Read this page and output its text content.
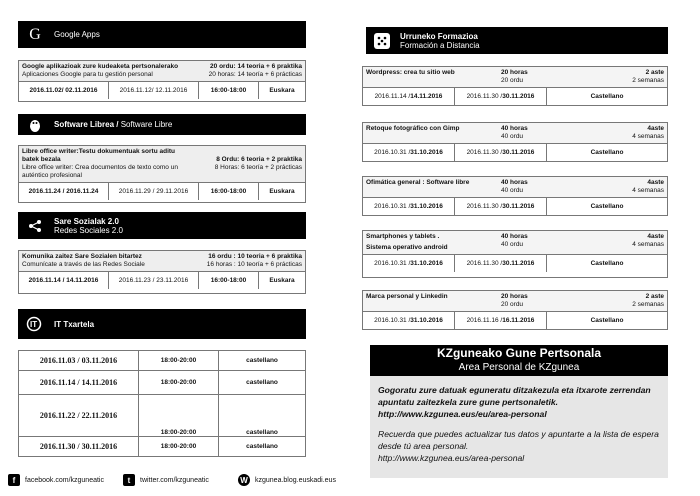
G Google Apps
Google aplikazioak zure kudeaketa pertsonalerako
Aplicaciones Google para tu gestión personal
20 ordu: 14 teoria + 6 praktika
20 horas: 14 teoría + 6 prácticas
2016.11.02/ 02.11.2016	2016.11.12/ 12.11.2016	16:00-18:00	Euskara
Software Librea / Software Libre
Libre office writer:Testu dokumentuak sortu aditu batek bezala
Libre office writer: Crea documentos de texto como un auténtico profesional
8 Ordu: 6 teoria + 2 praktika
8 Horas: 6 teoría + 2 prácticas
2016.11.24 / 2016.11.24	2016.11.29 / 29.11.2016	16:00-18:00	Euskara
Sare Sozialak 2.0
Redes Sociales 2.0
Komunika zaitez Sare Sozialen bitartez
Comunícate a través de las Redes Sociale
16 ordu : 10 teoria + 6 praktika
16 horas : 10 teoría + 6 prácticas
2016.11.14 / 14.11.2016	2016.11.23 / 23.11.2016	16:00-18:00	Euskara
IT IT Txartela
2016.11.03 / 03.11.2016	18:00-20:00	castellano
2016.11.14 / 14.11.2016	18:00-20:00	castellano
2016.11.22 / 22.11.2016	18:00-20:00	castellano
2016.11.30 / 30.11.2016	18:00-20:00	castellano
Urruneko Formazioa
Formación a Distancia
Wordpress: crea tu sitio web	20 horas
20 ordu
2 aste
2 semanas
2016.11.14 / 14.11.2016	2016.11.30 / 30.11.2016	Castellano
Retoque fotográfico con Gimp	40 horas
40 ordu
4aste
4 semanas
2016.10.31 / 31.10.2016	2016.11.30 / 30.11.2016	Castellano
Ofimática general : Software libre	40 horas
40 ordu
4aste
4 semanas
2016.10.31 / 31.10.2016	2016.11.30 / 30.11.2016	Castellano
Smartphones y tablets .
Sistema operativo android
40 horas
40 ordu
4aste
4 semanas
2016.10.31 / 31.10.2016	2016.11.30 / 30.11.2016	Castellano
Marca personal y Linkedin	20 horas
20 ordu
2 aste
2 semanas
2016.10.31 / 31.10.2016	2016.11.16 / 16.11.2016	Castellano
KZguneako Gune Pertsonala
Area Personal de KZgunea
Gogoratu zure datuak eguneratu ditzakezula eta itxarote zerrendan apuntatu zaitezkela zure gune pertsonaletik.
http://www.kzgunea.eus/eu/area-personal
Recuerda que puedes actualizar tus datos y apuntarte a la lista de espera desde tú area personal.
http://www.kzgunea.eus/area-personal
f	facebook.com/kzguneatic	t	twitter.com/kzguneatic	W	kzgunea.blog.euskadi.eus
